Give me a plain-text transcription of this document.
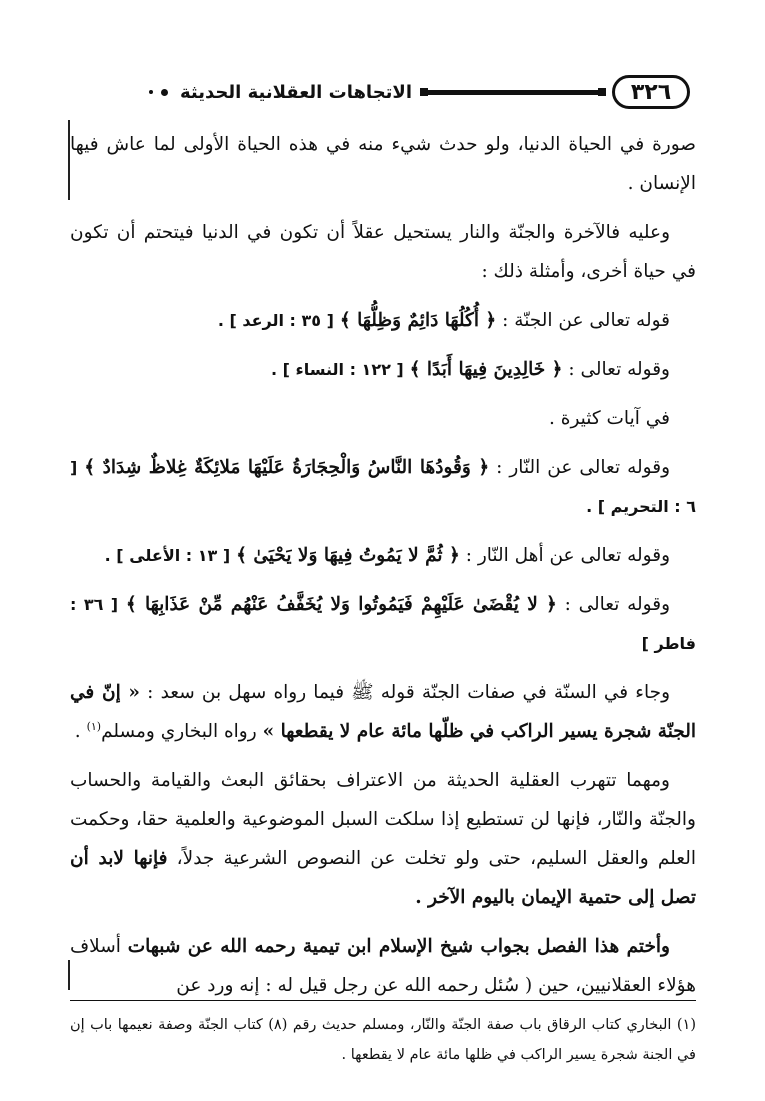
٣٢٦
الاتجاهات العقلانية الحديثة

صورة في الحياة الدنيا، ولو حدث شيء منه في هذه الحياة الأولى لما عاش فيها الإنسان .

وعليه فالآخرة والجنّة والنار يستحيل عقلاً أن تكون في الدنيا فيتحتم أن تكون في حياة أخرى، وأمثلة ذلك :

قوله تعالى عن الجنّة : ﴿ أُكُلُهَا دَائِمٌ وَظِلُّهَا ﴾ [ ٣٥ : الرعد ] .

وقوله تعالى : ﴿ خَالِدِينَ فِيهَا أَبَدًا ﴾ [ ١٢٢ : النساء ] .

في آيات كثيرة .

وقوله تعالى عن النّار : ﴿ وَقُودُهَا النَّاسُ وَالْحِجَارَةُ عَلَيْهَا مَلائِكَةٌ غِلاظٌ شِدَادٌ ﴾ [ ٦ : التحريم ] .

وقوله تعالى عن أهل النّار : ﴿ ثُمَّ لا يَمُوتُ فِيهَا وَلا يَحْيَىٰ ﴾ [ ١٣ : الأعلى ] .

وقوله تعالى : ﴿ لا يُقْضَىٰ عَلَيْهِمْ فَيَمُوتُوا وَلا يُخَفَّفُ عَنْهُم مِّنْ عَذَابِهَا ﴾ [ ٣٦ : فاطر ]

وجاء في السنّة في صفات الجنّة قوله ﷺ فيما رواه سهل بن سعد : « إنّ في الجنّة شجرة يسير الراكب في ظلّها مائة عام لا يقطعها » رواه البخاري ومسلم$^{(١)}$ .

ومهما تتهرب العقلية الحديثة من الاعتراف بحقائق البعث والقيامة والحساب والجنّة والنّار، فإنها لن تستطيع إذا سلكت السبل الموضوعية والعلمية حقا، وحكمت العلم والعقل السليم، حتى ولو تخلت عن النصوص الشرعية جدلاً، فإنها لابد أن تصل إلى حتمية الإيمان باليوم الآخر .

وأختم هذا الفصل بجواب شيخ الإسلام ابن تيمية رحمه الله عن شبهات أسلاف هؤلاء العقلانيين، حين ( سُئل رحمه الله عن رجل قيل له : إنه ورد عن

(١) البخاري كتاب الرقاق باب صفة الجنّة والنّار، ومسلم حديث رقم (٨) كتاب الجنّة وصفة نعيمها باب إن في الجنة شجرة يسير الراكب في ظلها مائة عام لا يقطعها .
